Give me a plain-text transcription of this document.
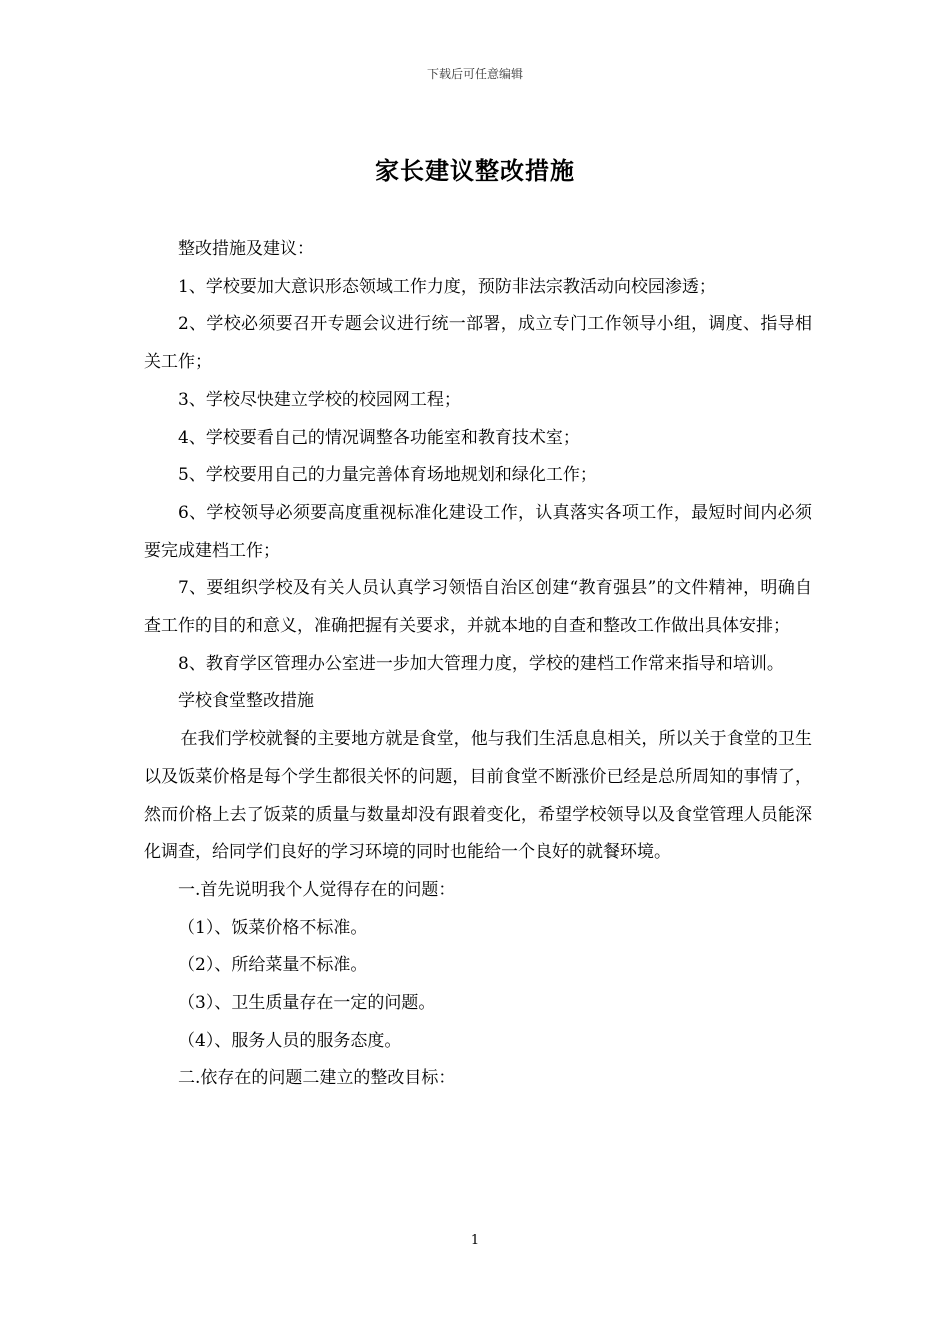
下载后可任意编辑
家长建议整改措施

整改措施及建议：

1、学校要加大意识形态领域工作力度，预防非法宗教活动向校园渗透；

2、学校必须要召开专题会议进行统一部署，成立专门工作领导小组，调度、指导相关工作；

3、学校尽快建立学校的校园网工程；

4、学校要看自己的情况调整各功能室和教育技术室；

5、学校要用自己的力量完善体育场地规划和绿化工作；

6、学校领导必须要高度重视标准化建设工作，认真落实各项工作，最短时间内必须要完成建档工作；

7、要组织学校及有关人员认真学习领悟自治区创建“教育强县”的文件精神，明确自查工作的目的和意义，准确把握有关要求，并就本地的自查和整改工作做出具体安排；

8、教育学区管理办公室进一步加大管理力度，学校的建档工作常来指导和培训。

学校食堂整改措施

在我们学校就餐的主要地方就是食堂，他与我们生活息息相关，所以关于食堂的卫生以及饭菜价格是每个学生都很关怀的问题，目前食堂不断涨价已经是总所周知的事情了，然而价格上去了饭菜的质量与数量却没有跟着变化，希望学校领导以及食堂管理人员能深化调查，给同学们良好的学习环境的同时也能给一个良好的就餐环境。

一.首先说明我个人觉得存在的问题：

（1）、饭菜价格不标准。

（2）、所给菜量不标准。

（3）、卫生质量存在一定的问题。

（4）、服务人员的服务态度。

二.依存在的问题二建立的整改目标：

1
